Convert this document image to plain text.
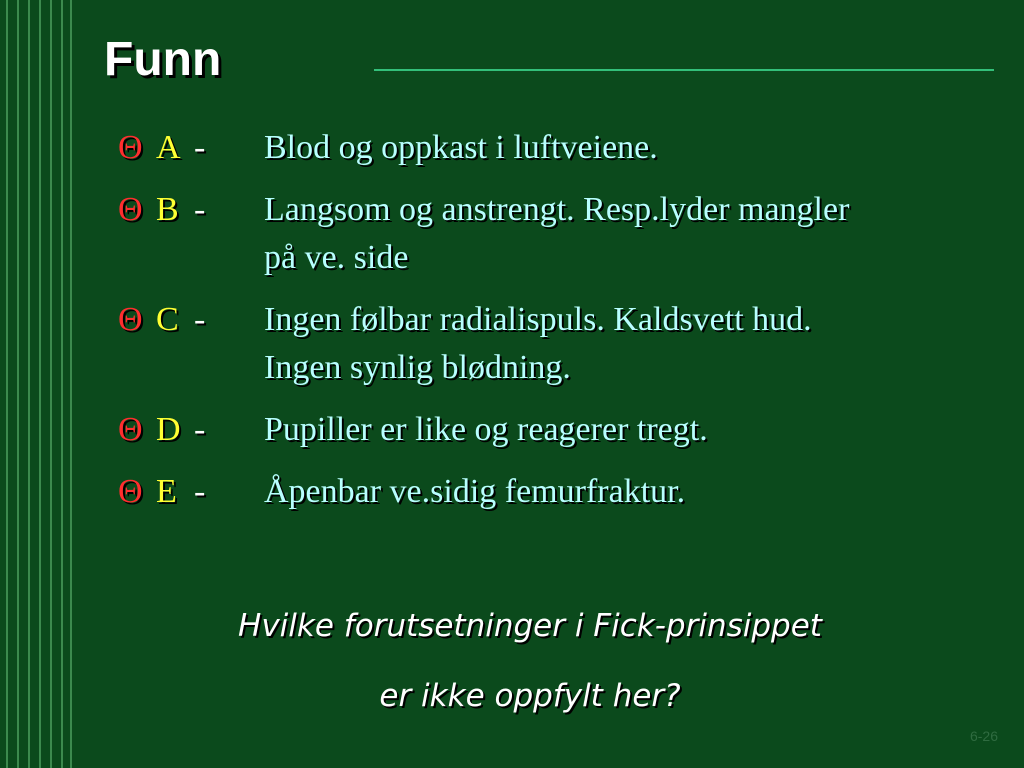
Funn
Θ A -	Blod og oppkast i luftveiene.
Θ B -	Langsom og anstrengt. Resp.lyder mangler på ve. side
Θ C -	Ingen følbar radialispuls. Kaldsvett hud. Ingen synlig blødning.
Θ D -	Pupiller er like og reagerer tregt.
Θ E -	Åpenbar ve.sidig femurfraktur.

Hvilke forutsetninger i Fick-prinsippet

er ikke oppfylt her?

6-26
